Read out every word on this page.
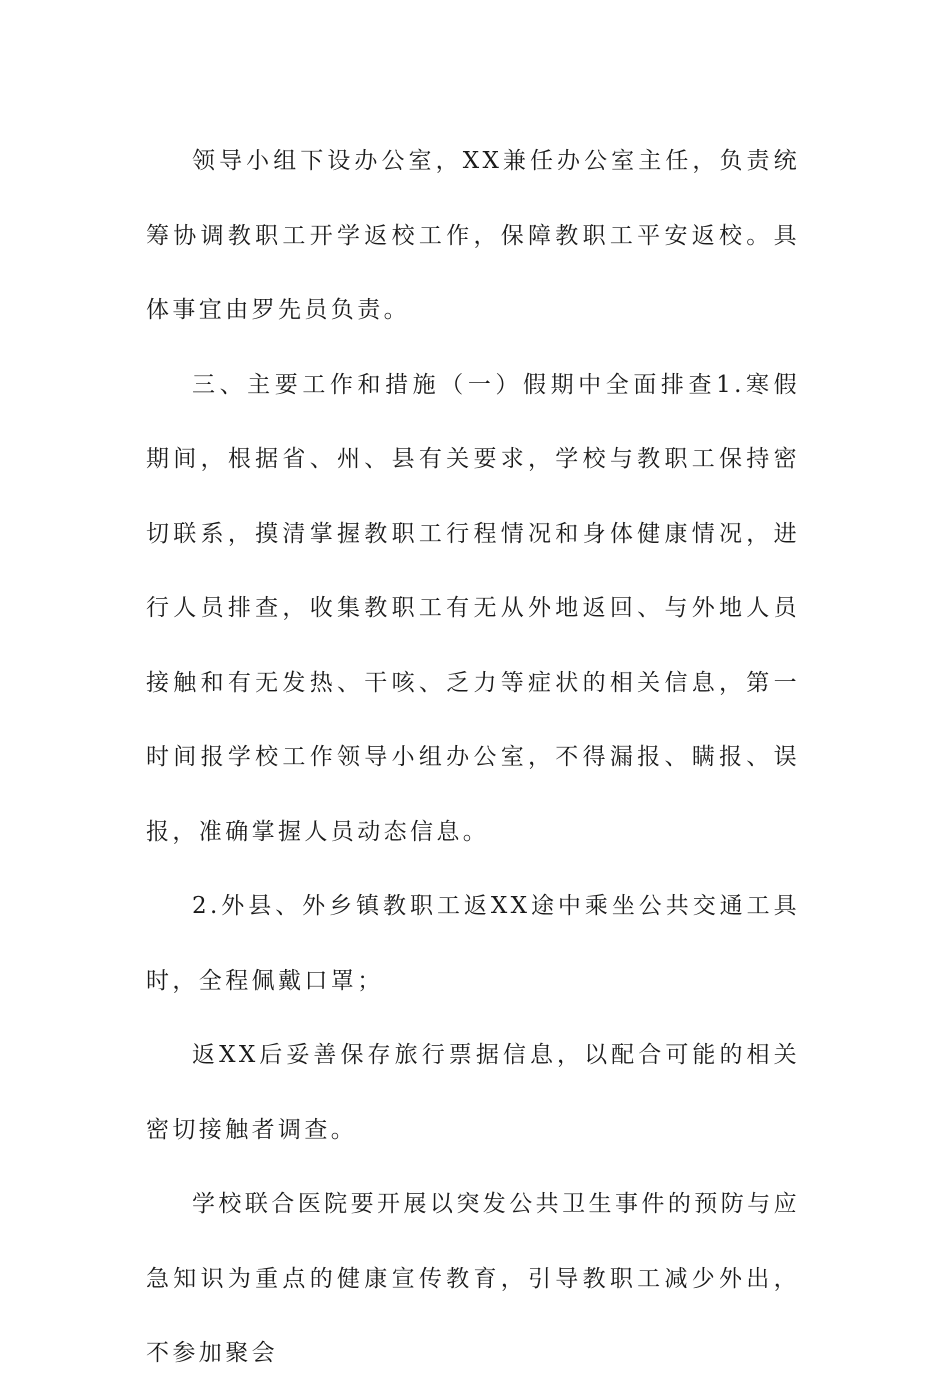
领导小组下设办公室，XX兼任办公室主任，负责统筹协调教职工开学返校工作，保障教职工平安返校。具体事宜由罗先员负责。

三、主要工作和措施（一）假期中全面排查1.寒假期间，根据省、州、县有关要求，学校与教职工保持密切联系，摸清掌握教职工行程情况和身体健康情况，进行人员排查，收集教职工有无从外地返回、与外地人员接触和有无发热、干咳、乏力等症状的相关信息，第一时间报学校工作领导小组办公室，不得漏报、瞒报、误报，准确掌握人员动态信息。

2.外县、外乡镇教职工返XX途中乘坐公共交通工具时，全程佩戴口罩；

返XX后妥善保存旅行票据信息，以配合可能的相关密切接触者调查。

学校联合医院要开展以突发公共卫生事件的预防与应急知识为重点的健康宣传教育，引导教职工减少外出，不参加聚会
